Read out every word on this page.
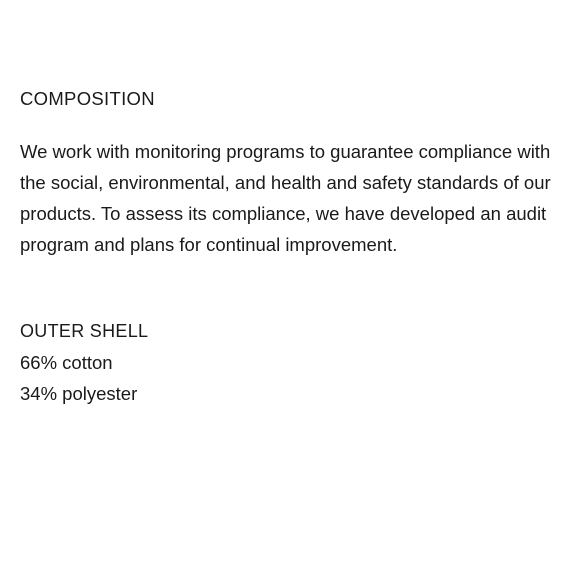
COMPOSITION

We work with monitoring programs to guarantee compliance with the social, environmental, and health and safety standards of our products. To assess its compliance, we have developed an audit program and plans for continual improvement.

OUTER SHELL
66% cotton
34% polyester
